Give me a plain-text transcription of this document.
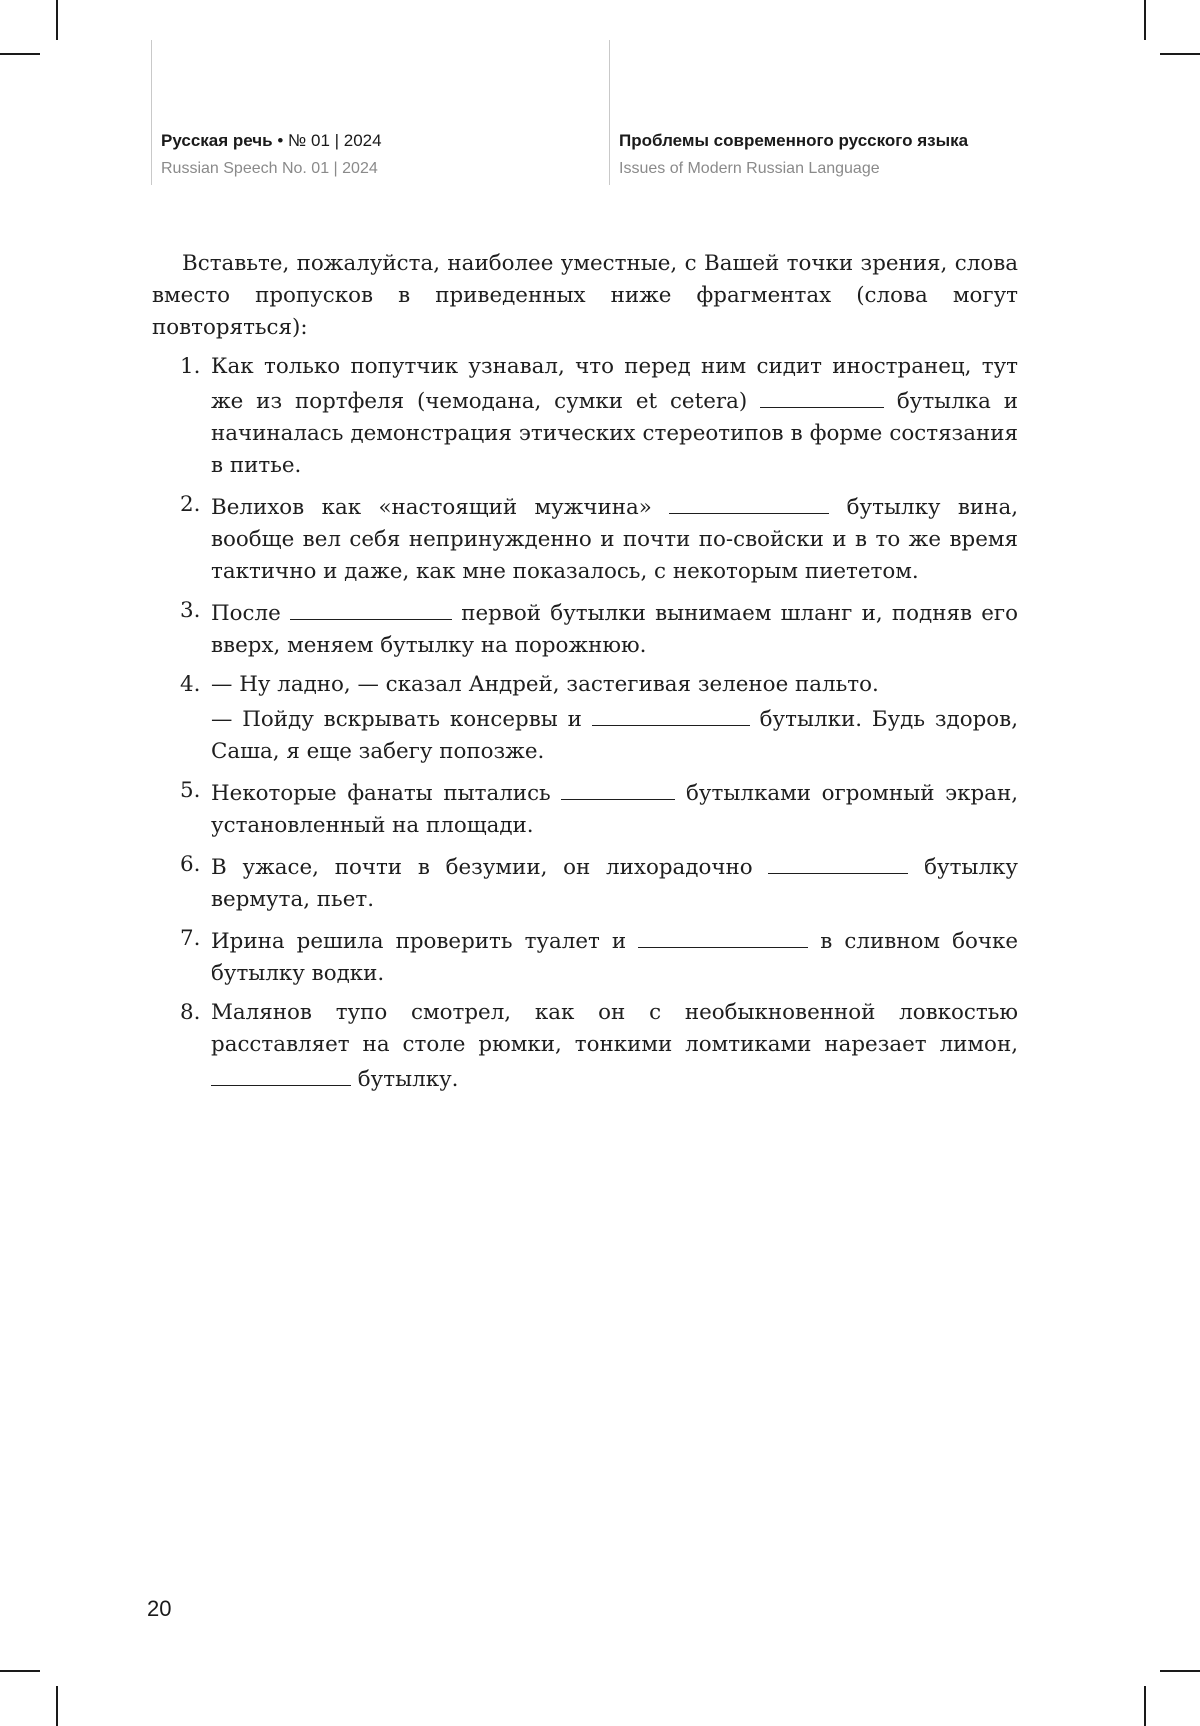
Русская речь • № 01 | 2024
Russian Speech No. 01 | 2024
Проблемы современного русского языка
Issues of Modern Russian Language

Вставьте, пожалуйста, наиболее уместные, с Вашей точки зрения, слова вместо пропусков в приведенных ниже фрагментах (слова могут повторяться):

1. Как только попутчик узнавал, что перед ним сидит иностранец, тут же из портфеля (чемодана, сумки et cetera)	бутылка и начиналась демонстрация этических стереотипов в форме состязания в питье.
2. Велихов как «настоящий мужчина»	бутылку вина, вообще вел себя непринужденно и почти по-свойски и в то же время тактично и даже, как мне показалось, с некоторым пиететом.
3. После	первой бутылки вынимаем шланг и, подняв его вверх, меняем бутылку на порожнюю.
4. — Ну ладно, — сказал Андрей, застегивая зеленое пальто.
— Пойду вскрывать консервы и	бутылки. Будь здоров, Саша, я еще забегу попозже.
5. Некоторые фанаты пытались	бутылками огромный экран, установленный на площади.
6. В ужасе, почти в безумии, он лихорадочно	бутылку вермута, пьет.
7. Ирина решила проверить туалет и	в сливном бочке бутылку водки.
8. Малянов тупо смотрел, как он с необыкновенной ловкостью расставляет на столе рюмки, тонкими ломтиками нарезает лимон,  бутылку.
20
